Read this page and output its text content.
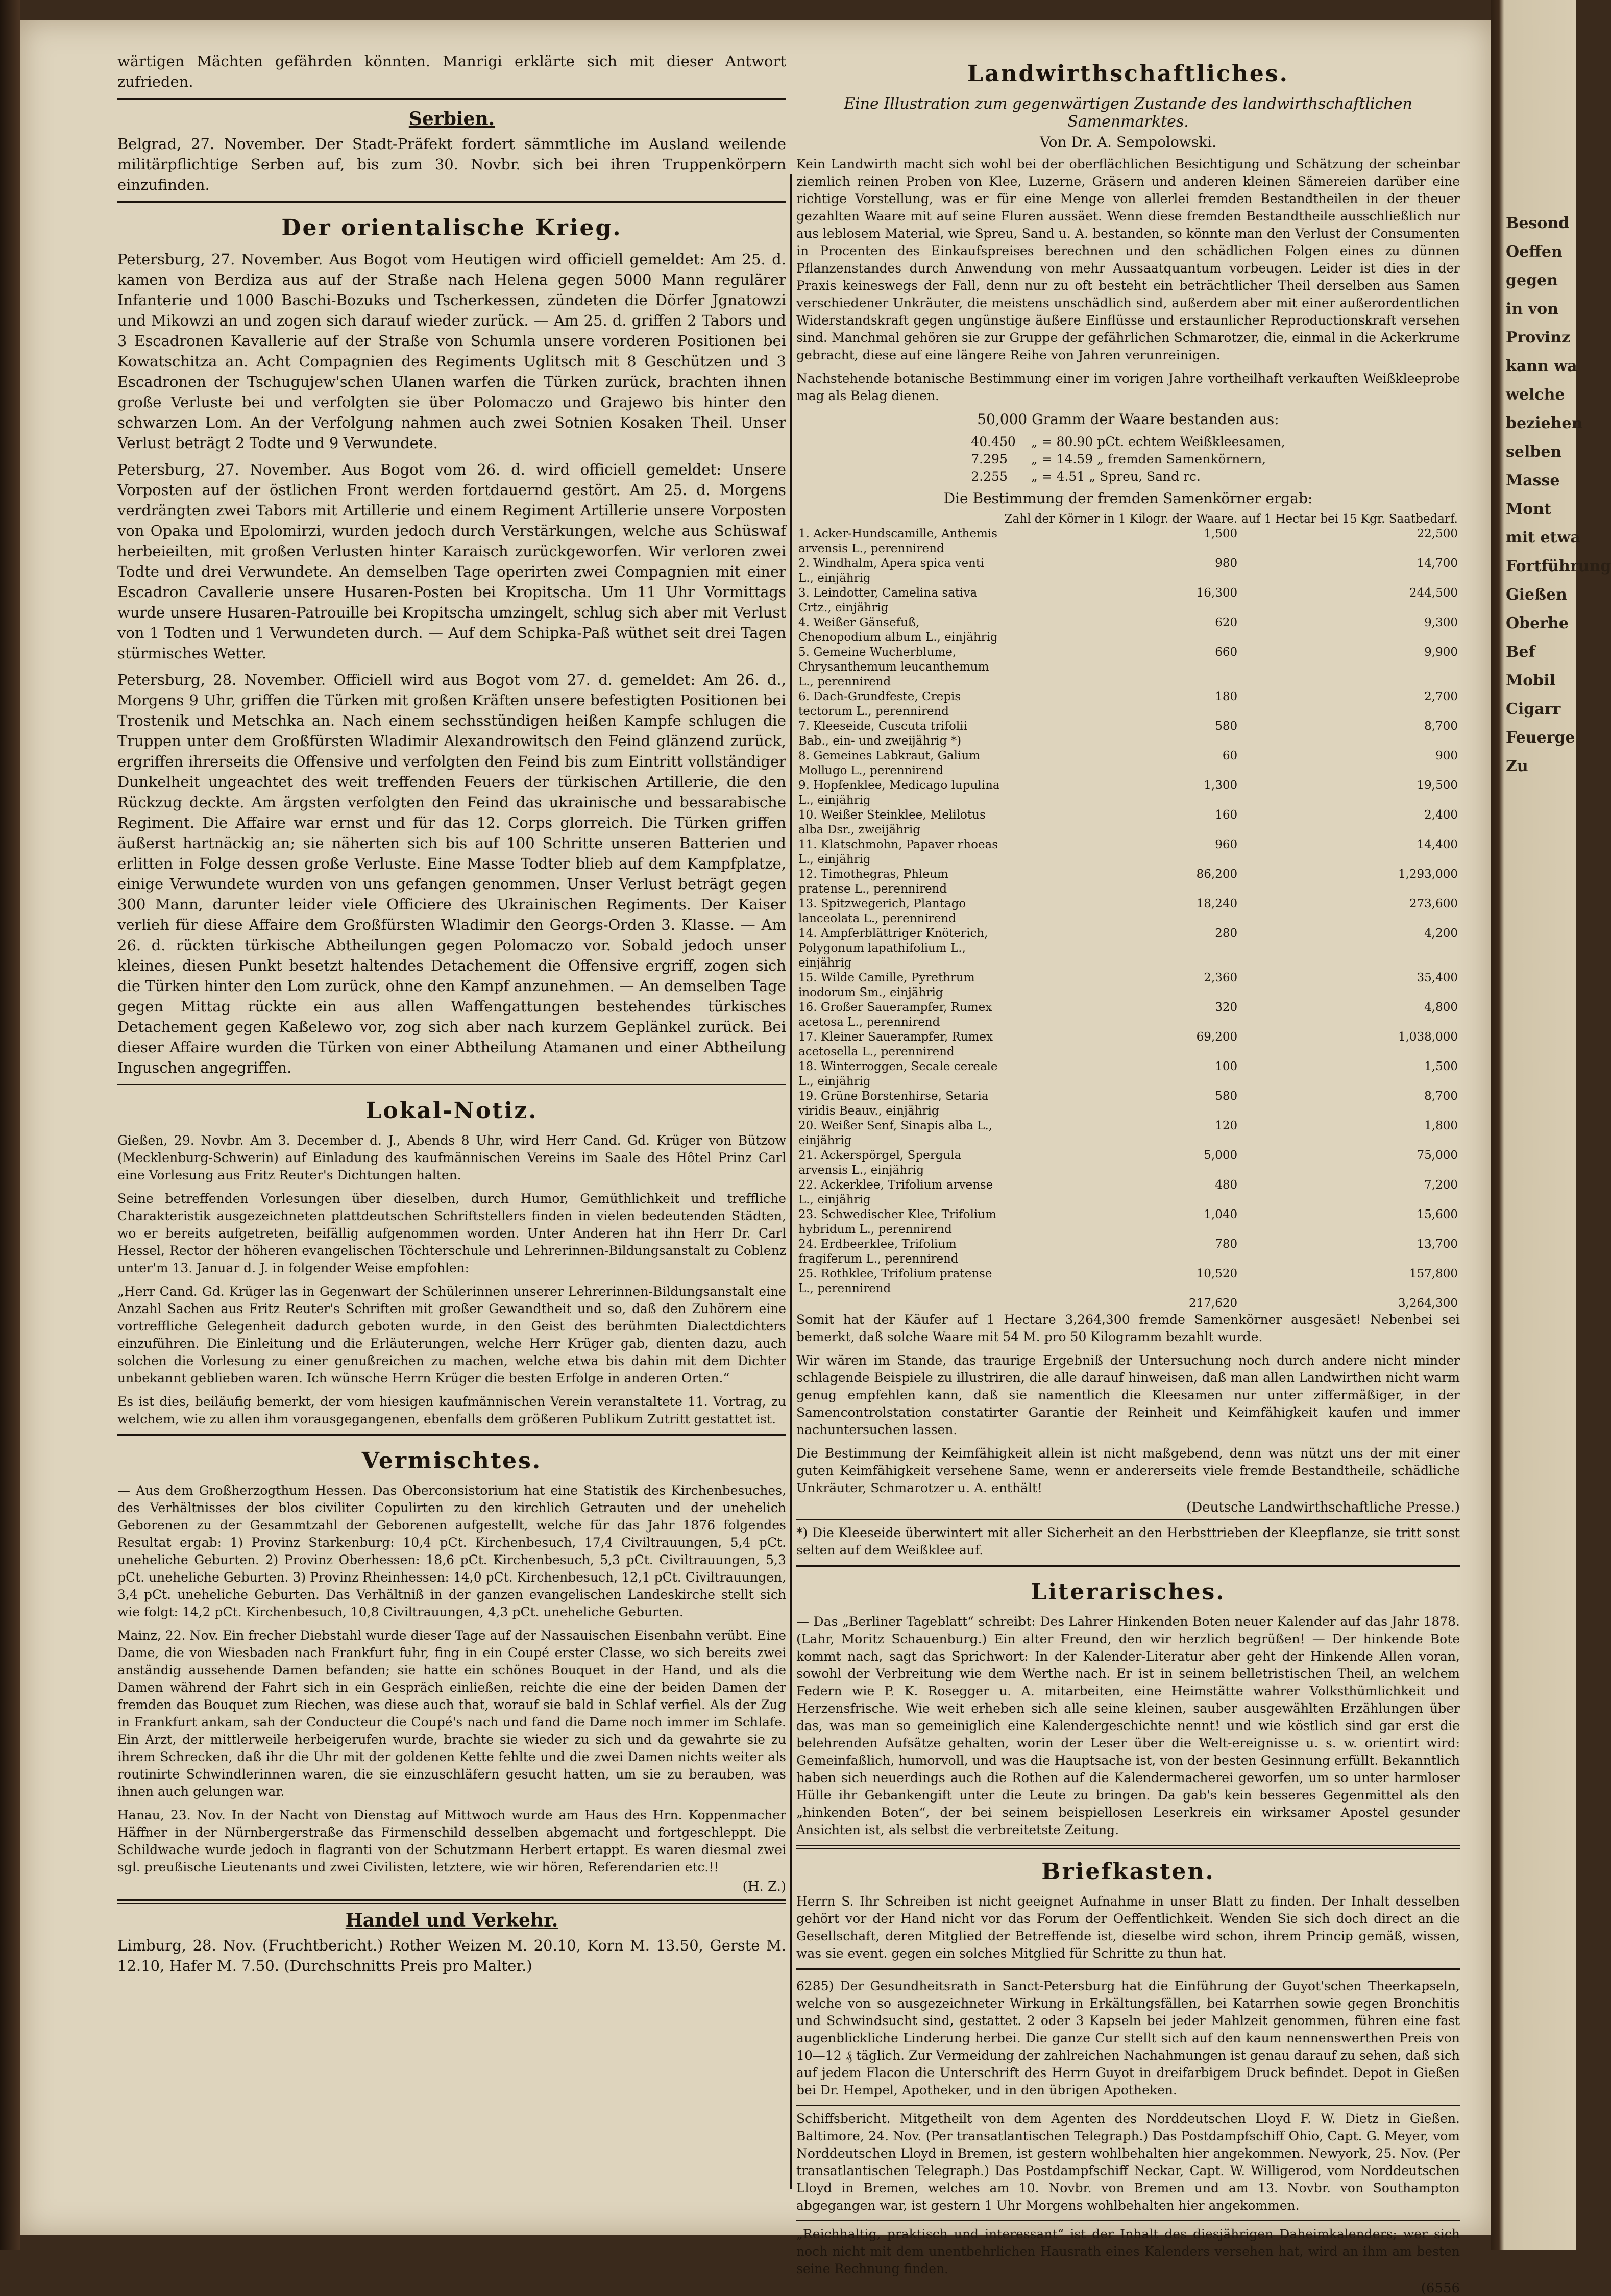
wärtigen Mächten gefährden könnten. Manrigi erklärte sich mit dieser Antwort zufrieden.

Serbien.

Belgrad, 27. November. Der Stadt-Präfekt fordert sämmtliche im Ausland weilende militärpflichtige Serben auf, bis zum 30. Novbr. sich bei ihren Truppenkörpern einzufinden.

Der orientalische Krieg.

Petersburg, 27. November. Aus Bogot vom Heutigen wird officiell gemeldet: Am 25. d. kamen von Berdiza aus auf der Straße nach Helena gegen 5000 Mann regulärer Infanterie und 1000 Baschi-Bozuks und Tscherkessen, zündeten die Dörfer Jgnatowzi und Mikowzi an und zogen sich darauf wieder zurück. — Am 25. d. griffen 2 Tabors und 3 Escadronen Kavallerie auf der Straße von Schumla unsere vorderen Positionen bei Kowatschitza an. Acht Compagnien des Regiments Uglitsch mit 8 Geschützen und 3 Escadronen der Tschugujew'schen Ulanen warfen die Türken zurück, brachten ihnen große Verluste bei und verfolgten sie über Polomaczo und Grajewo bis hinter den schwarzen Lom. An der Verfolgung nahmen auch zwei Sotnien Kosaken Theil. Unser Verlust beträgt 2 Todte und 9 Verwundete.

Petersburg, 27. November. Aus Bogot vom 26. d. wird officiell gemeldet: Unsere Vorposten auf der östlichen Front werden fortdauernd gestört. Am 25. d. Morgens verdrängten zwei Tabors mit Artillerie und einem Regiment Artillerie unsere Vorposten von Opaka und Epolomirzi, wurden jedoch durch Verstärkungen, welche aus Schüswaf herbeieilten, mit großen Verlusten hinter Karaisch zurückgeworfen. Wir verloren zwei Todte und drei Verwundete. An demselben Tage operirten zwei Compagnien mit einer Escadron Cavallerie unsere Husaren-Posten bei Kropitscha. Um 11 Uhr Vormittags wurde unsere Husaren-Patrouille bei Kropitscha umzingelt, schlug sich aber mit Verlust von 1 Todten und 1 Verwundeten durch. — Auf dem Schipka-Paß wüthet seit drei Tagen stürmisches Wetter.

Petersburg, 28. November. Officiell wird aus Bogot vom 27. d. gemeldet: Am 26. d., Morgens 9 Uhr, griffen die Türken mit großen Kräften unsere befestigten Positionen bei Trostenik und Metschka an. Nach einem sechsstündigen heißen Kampfe schlugen die Truppen unter dem Großfürsten Wladimir Alexandrowitsch den Feind glänzend zurück, ergriffen ihrerseits die Offensive und verfolgten den Feind bis zum Eintritt vollständiger Dunkelheit ungeachtet des weit treffenden Feuers der türkischen Artillerie, die den Rückzug deckte. Am ärgsten verfolgten den Feind das ukrainische und bessarabische Regiment. Die Affaire war ernst und für das 12. Corps glorreich. Die Türken griffen äußerst hartnäckig an; sie näherten sich bis auf 100 Schritte unseren Batterien und erlitten in Folge dessen große Verluste. Eine Masse Todter blieb auf dem Kampfplatze, einige Verwundete wurden von uns gefangen genommen. Unser Verlust beträgt gegen 300 Mann, darunter leider viele Officiere des Ukrainischen Regiments. Der Kaiser verlieh für diese Affaire dem Großfürsten Wladimir den Georgs-Orden 3. Klasse. — Am 26. d. rückten türkische Abtheilungen gegen Polomaczo vor. Sobald jedoch unser kleines, diesen Punkt besetzt haltendes Detachement die Offensive ergriff, zogen sich die Türken hinter den Lom zurück, ohne den Kampf anzunehmen. — An demselben Tage gegen Mittag rückte ein aus allen Waffengattungen bestehendes türkisches Detachement gegen Kaßelewo vor, zog sich aber nach kurzem Geplänkel zurück. Bei dieser Affaire wurden die Türken von einer Abtheilung Atamanen und einer Abtheilung Inguschen angegriffen.

Lokal-Notiz.

Gießen, 29. Novbr. Am 3. December d. J., Abends 8 Uhr, wird Herr Cand. Gd. Krüger von Bützow (Mecklenburg-Schwerin) auf Einladung des kaufmännischen Vereins im Saale des Hôtel Prinz Carl eine Vorlesung aus Fritz Reuter's Dichtungen halten.

Seine betreffenden Vorlesungen über dieselben, durch Humor, Gemüthlichkeit und treffliche Charakteristik ausgezeichneten plattdeutschen Schriftstellers finden in vielen bedeutenden Städten, wo er bereits aufgetreten, beifällig aufgenommen worden. Unter Anderen hat ihn Herr Dr. Carl Hessel, Rector der höheren evangelischen Töchterschule und Lehrerinnen-Bildungsanstalt zu Coblenz unter'm 13. Januar d. J. in folgender Weise empfohlen:

„Herr Cand. Gd. Krüger las in Gegenwart der Schülerinnen unserer Lehrerinnen-Bildungsanstalt eine Anzahl Sachen aus Fritz Reuter's Schriften mit großer Gewandtheit und so, daß den Zuhörern eine vortreffliche Gelegenheit dadurch geboten wurde, in den Geist des berühmten Dialectdichters einzuführen. Die Einleitung und die Erläuterungen, welche Herr Krüger gab, dienten dazu, auch solchen die Vorlesung zu einer genußreichen zu machen, welche etwa bis dahin mit dem Dichter unbekannt geblieben waren. Ich wünsche Herrn Krüger die besten Erfolge in anderen Orten.“

Es ist dies, beiläufig bemerkt, der vom hiesigen kaufmännischen Verein veranstaltete 11. Vortrag, zu welchem, wie zu allen ihm vorausgegangenen, ebenfalls dem größeren Publikum Zutritt gestattet ist.

Vermischtes.

— Aus dem Großherzogthum Hessen. Das Oberconsistorium hat eine Statistik des Kirchenbesuches, des Verhältnisses der blos civiliter Copulirten zu den kirchlich Getrauten und der unehelich Geborenen zu der Gesammtzahl der Geborenen aufgestellt, welche für das Jahr 1876 folgendes Resultat ergab: 1) Provinz Starkenburg: 10,4 pCt. Kirchenbesuch, 17,4 Civiltrauungen, 5,4 pCt. uneheliche Geburten. 2) Provinz Oberhessen: 18,6 pCt. Kirchenbesuch, 5,3 pCt. Civiltrauungen, 5,3 pCt. uneheliche Geburten. 3) Provinz Rheinhessen: 14,0 pCt. Kirchenbesuch, 12,1 pCt. Civiltrauungen, 3,4 pCt. uneheliche Geburten. Das Verhältniß in der ganzen evangelischen Landeskirche stellt sich wie folgt: 14,2 pCt. Kirchenbesuch, 10,8 Civiltrauungen, 4,3 pCt. uneheliche Geburten.

Mainz, 22. Nov. Ein frecher Diebstahl wurde dieser Tage auf der Nassauischen Eisenbahn verübt. Eine Dame, die von Wiesbaden nach Frankfurt fuhr, fing in ein Coupé erster Classe, wo sich bereits zwei anständig aussehende Damen befanden; sie hatte ein schönes Bouquet in der Hand, und als die Damen während der Fahrt sich in ein Gespräch einließen, reichte die eine der beiden Damen der fremden das Bouquet zum Riechen, was diese auch that, worauf sie bald in Schlaf verfiel. Als der Zug in Frankfurt ankam, sah der Conducteur die Coupé's nach und fand die Dame noch immer im Schlafe. Ein Arzt, der mittlerweile herbeigerufen wurde, brachte sie wieder zu sich und da gewahrte sie zu ihrem Schrecken, daß ihr die Uhr mit der goldenen Kette fehlte und die zwei Damen nichts weiter als routinirte Schwindlerinnen waren, die sie einzuschläfern gesucht hatten, um sie zu berauben, was ihnen auch gelungen war.

Hanau, 23. Nov. In der Nacht von Dienstag auf Mittwoch wurde am Haus des Hrn. Koppenmacher Häffner in der Nürnbergerstraße das Firmenschild desselben abgemacht und fortgeschleppt. Die Schildwache wurde jedoch in flagranti von der Schutzmann Herbert ertappt. Es waren diesmal zwei sgl. preußische Lieutenants und zwei Civilisten, letztere, wie wir hören, Referendarien etc.!!

(H. Z.)
Handel und Verkehr.

Limburg, 28. Nov. (Fruchtbericht.) Rother Weizen M. 20.10, Korn M. 13.50, Gerste M. 12.10, Hafer M. 7.50. (Durchschnitts Preis pro Malter.)

Landwirthschaftliches.
Eine Illustration zum gegenwärtigen Zustande des landwirthschaftlichen Samenmarktes.
Von Dr. A. Sempolowski.

Kein Landwirth macht sich wohl bei der oberflächlichen Besichtigung und Schätzung der scheinbar ziemlich reinen Proben von Klee, Luzerne, Gräsern und anderen kleinen Sämereien darüber eine richtige Vorstellung, was er für eine Menge von allerlei fremden Bestandtheilen in der theuer gezahlten Waare mit auf seine Fluren aussäet. Wenn diese fremden Bestandtheile ausschließlich nur aus leblosem Material, wie Spreu, Sand u. A. bestanden, so könnte man den Verlust der Consumenten in Procenten des Einkaufspreises berechnen und den schädlichen Folgen eines zu dünnen Pflanzenstandes durch Anwendung von mehr Aussaatquantum vorbeugen. Leider ist dies in der Praxis keineswegs der Fall, denn nur zu oft besteht ein beträchtlicher Theil derselben aus Samen verschiedener Unkräuter, die meistens unschädlich sind, außerdem aber mit einer außerordentlichen Widerstandskraft gegen ungünstige äußere Einflüsse und erstaunlicher Reproductionskraft versehen sind. Manchmal gehören sie zur Gruppe der gefährlichen Schmarotzer, die, einmal in die Ackerkrume gebracht, diese auf eine längere Reihe von Jahren verunreinigen.

Nachstehende botanische Bestimmung einer im vorigen Jahre vortheilhaft verkauften Weißkleeprobe mag als Belag dienen.

50,000 Gramm der Waare bestanden aus:
40.450	„ = 80.90 pCt. echtem Weißkleesamen,
7.295	„ = 14.59 „ fremden Samenkörnern,
2.255	„ = 4.51 „ Spreu, Sand rc.
Die Bestimmung der fremden Samenkörner ergab:
	Zahl der Körner in 1 Kilogr. der Waare.	auf 1 Hectar bei 15 Kgr. Saatbedarf.
1. Acker-Hundscamille, Anthemis arvensis L., perennirend	1,500	22,500
2. Windhalm, Apera spica venti L., einjährig	980	14,700
3. Leindotter, Camelina sativa Crtz., einjährig	16,300	244,500
4. Weißer Gänsefuß, Chenopodium album L., einjährig	620	9,300
5. Gemeine Wucherblume, Chrysanthemum leucanthemum L., perennirend	660	9,900
6. Dach-Grundfeste, Crepis tectorum L., perennirend	180	2,700
7. Kleeseide, Cuscuta trifolii Bab., ein- und zweijährig *)	580	8,700
8. Gemeines Labkraut, Galium Mollugo L., perennirend	60	900
9. Hopfenklee, Medicago lupulina L., einjährig	1,300	19,500
10. Weißer Steinklee, Melilotus alba Dsr., zweijährig	160	2,400
11. Klatschmohn, Papaver rhoeas L., einjährig	960	14,400
12. Timothegras, Phleum pratense L., perennirend	86,200	1,293,000
13. Spitzwegerich, Plantago lanceolata L., perennirend	18,240	273,600
14. Ampferblättriger Knöterich, Polygonum lapathifolium L., einjährig	280	4,200
15. Wilde Camille, Pyrethrum inodorum Sm., einjährig	2,360	35,400
16. Großer Sauerampfer, Rumex acetosa L., perennirend	320	4,800
17. Kleiner Sauerampfer, Rumex acetosella L., perennirend	69,200	1,038,000
18. Winterroggen, Secale cereale L., einjährig	100	1,500
19. Grüne Borstenhirse, Setaria viridis Beauv., einjährig	580	8,700
20. Weißer Senf, Sinapis alba L., einjährig	120	1,800
21. Ackerspörgel, Spergula arvensis L., einjährig	5,000	75,000
22. Ackerklee, Trifolium arvense L., einjährig	480	7,200
23. Schwedischer Klee, Trifolium hybridum L., perennirend	1,040	15,600
24. Erdbeerklee, Trifolium fragiferum L., perennirend	780	13,700
25. Rothklee, Trifolium pratense L., perennirend	10,520	157,800
	217,620	3,264,300

Somit hat der Käufer auf 1 Hectare 3,264,300 fremde Samenkörner ausgesäet! Nebenbei sei bemerkt, daß solche Waare mit 54 M. pro 50 Kilogramm bezahlt wurde.

Wir wären im Stande, das traurige Ergebniß der Untersuchung noch durch andere nicht minder schlagende Beispiele zu illustriren, die alle darauf hinweisen, daß man allen Landwirthen nicht warm genug empfehlen kann, daß sie namentlich die Kleesamen nur unter ziffermäßiger, in der Samencontrolstation constatirter Garantie der Reinheit und Keimfähigkeit kaufen und immer nachuntersuchen lassen.

Die Bestimmung der Keimfähigkeit allein ist nicht maßgebend, denn was nützt uns der mit einer guten Keimfähigkeit versehene Same, wenn er andererseits viele fremde Bestandtheile, schädliche Unkräuter, Schmarotzer u. A. enthält!

(Deutsche Landwirthschaftliche Presse.)

*) Die Kleeseide überwintert mit aller Sicherheit an den Herbsttrieben der Kleepflanze, sie tritt sonst selten auf dem Weißklee auf.

Literarisches.

— Das „Berliner Tageblatt“ schreibt: Des Lahrer Hinkenden Boten neuer Kalender auf das Jahr 1878. (Lahr, Moritz Schauenburg.) Ein alter Freund, den wir herzlich begrüßen! — Der hinkende Bote kommt nach, sagt das Sprichwort: In der Kalender-Literatur aber geht der Hinkende Allen voran, sowohl der Verbreitung wie dem Werthe nach. Er ist in seinem belletristischen Theil, an welchem Federn wie P. K. Rosegger u. A. mitarbeiten, eine Heimstätte wahrer Volksthümlichkeit und Herzensfrische. Wie weit erheben sich alle seine kleinen, sauber ausgewählten Erzählungen über das, was man so gemeiniglich eine Kalendergeschichte nennt! und wie köstlich sind gar erst die belehrenden Aufsätze gehalten, worin der Leser über die Welt-ereignisse u. s. w. orientirt wird: Gemeinfaßlich, humorvoll, und was die Hauptsache ist, von der besten Gesinnung erfüllt. Bekanntlich haben sich neuerdings auch die Rothen auf die Kalendermacherei geworfen, um so unter harmloser Hülle ihr Gebankengift unter die Leute zu bringen. Da gab's kein besseres Gegenmittel als den „hinkenden Boten“, der bei seinem beispiellosen Leserkreis ein wirksamer Apostel gesunder Ansichten ist, als selbst die verbreitetste Zeitung.

Briefkasten.

Herrn S. Ihr Schreiben ist nicht geeignet Aufnahme in unser Blatt zu finden. Der Inhalt desselben gehört vor der Hand nicht vor das Forum der Oeffentlichkeit. Wenden Sie sich doch direct an die Gesellschaft, deren Mitglied der Betreffende ist, dieselbe wird schon, ihrem Princip gemäß, wissen, was sie event. gegen ein solches Mitglied für Schritte zu thun hat.

6285) Der Gesundheitsrath in Sanct-Petersburg hat die Einführung der Guyot'schen Theerkapseln, welche von so ausgezeichneter Wirkung in Erkältungsfällen, bei Katarrhen sowie gegen Bronchitis und Schwindsucht sind, gestattet. 2 oder 3 Kapseln bei jeder Mahlzeit genommen, führen eine fast augenblickliche Linderung herbei. Die ganze Cur stellt sich auf den kaum nennenswerthen Preis von 10—12 ₰ täglich. Zur Vermeidung der zahlreichen Nachahmungen ist genau darauf zu sehen, daß sich auf jedem Flacon die Unterschrift des Herrn Guyot in dreifarbigem Druck befindet. Depot in Gießen bei Dr. Hempel, Apotheker, und in den übrigen Apotheken.

Schiffsbericht. Mitgetheilt von dem Agenten des Norddeutschen Lloyd F. W. Dietz in Gießen. Baltimore, 24. Nov. (Per transatlantischen Telegraph.) Das Postdampfschiff Ohio, Capt. G. Meyer, vom Norddeutschen Lloyd in Bremen, ist gestern wohlbehalten hier angekommen. Newyork, 25. Nov. (Per transatlantischen Telegraph.) Das Postdampfschiff Neckar, Capt. W. Willigerod, vom Norddeutschen Lloyd in Bremen, welches am 10. Novbr. von Bremen und am 13. Novbr. von Southampton abgegangen war, ist gestern 1 Uhr Morgens wohlbehalten hier angekommen.

„Reichhaltig, praktisch und interessant“ ist der Inhalt des diesjährigen Daheimkalenders; wer sich noch nicht mit dem unentbehrlichen Hausrath eines Kalenders versehen hat, wird an ihm am besten seine Rechnung finden.

(6556
Besond
Oeffen
gegen
in von
Provinz
kann wa
welche
beziehen
selben
Masse
Mont
mit etwa
Fortführung
Gießen
Oberhe
Bef
Mobil
Cigarr
Feuerge
Zu
